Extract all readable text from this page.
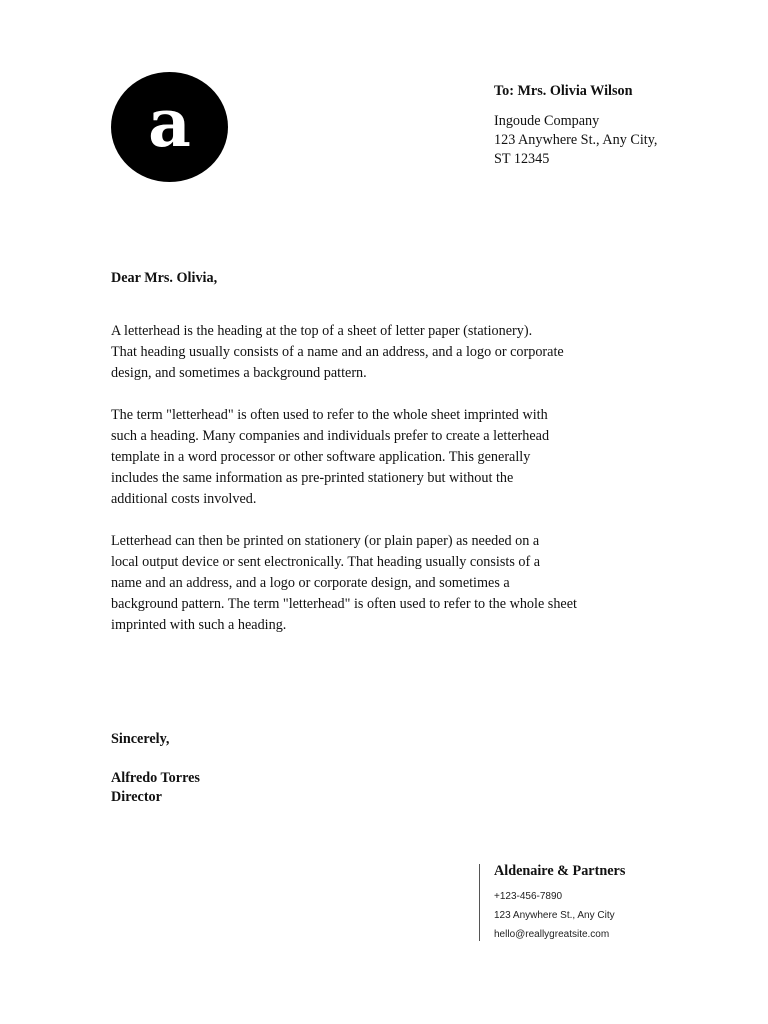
a	To: Mrs. Olivia Wilson
Ingoude Company
123 Anywhere St., Any City,
ST 12345
Dear Mrs. Olivia,

A letterhead is the heading at the top of a sheet of letter paper (stationery).
That heading usually consists of a name and an address, and a logo or corporate
design, and sometimes a background pattern.

The term "letterhead" is often used to refer to the whole sheet imprinted with
such a heading. Many companies and individuals prefer to create a letterhead
template in a word processor or other software application. This generally
includes the same information as pre-printed stationery but without the
additional costs involved.

Letterhead can then be printed on stationery (or plain paper) as needed on a
local output device or sent electronically. That heading usually consists of a
name and an address, and a logo or corporate design, and sometimes a
background pattern. The term "letterhead" is often used to refer to the whole sheet
imprinted with such a heading.

Sincerely,
Alfredo Torres
Director
Aldenaire & Partners
+123-456-7890
123 Anywhere St., Any City
hello@reallygreatsite.com
